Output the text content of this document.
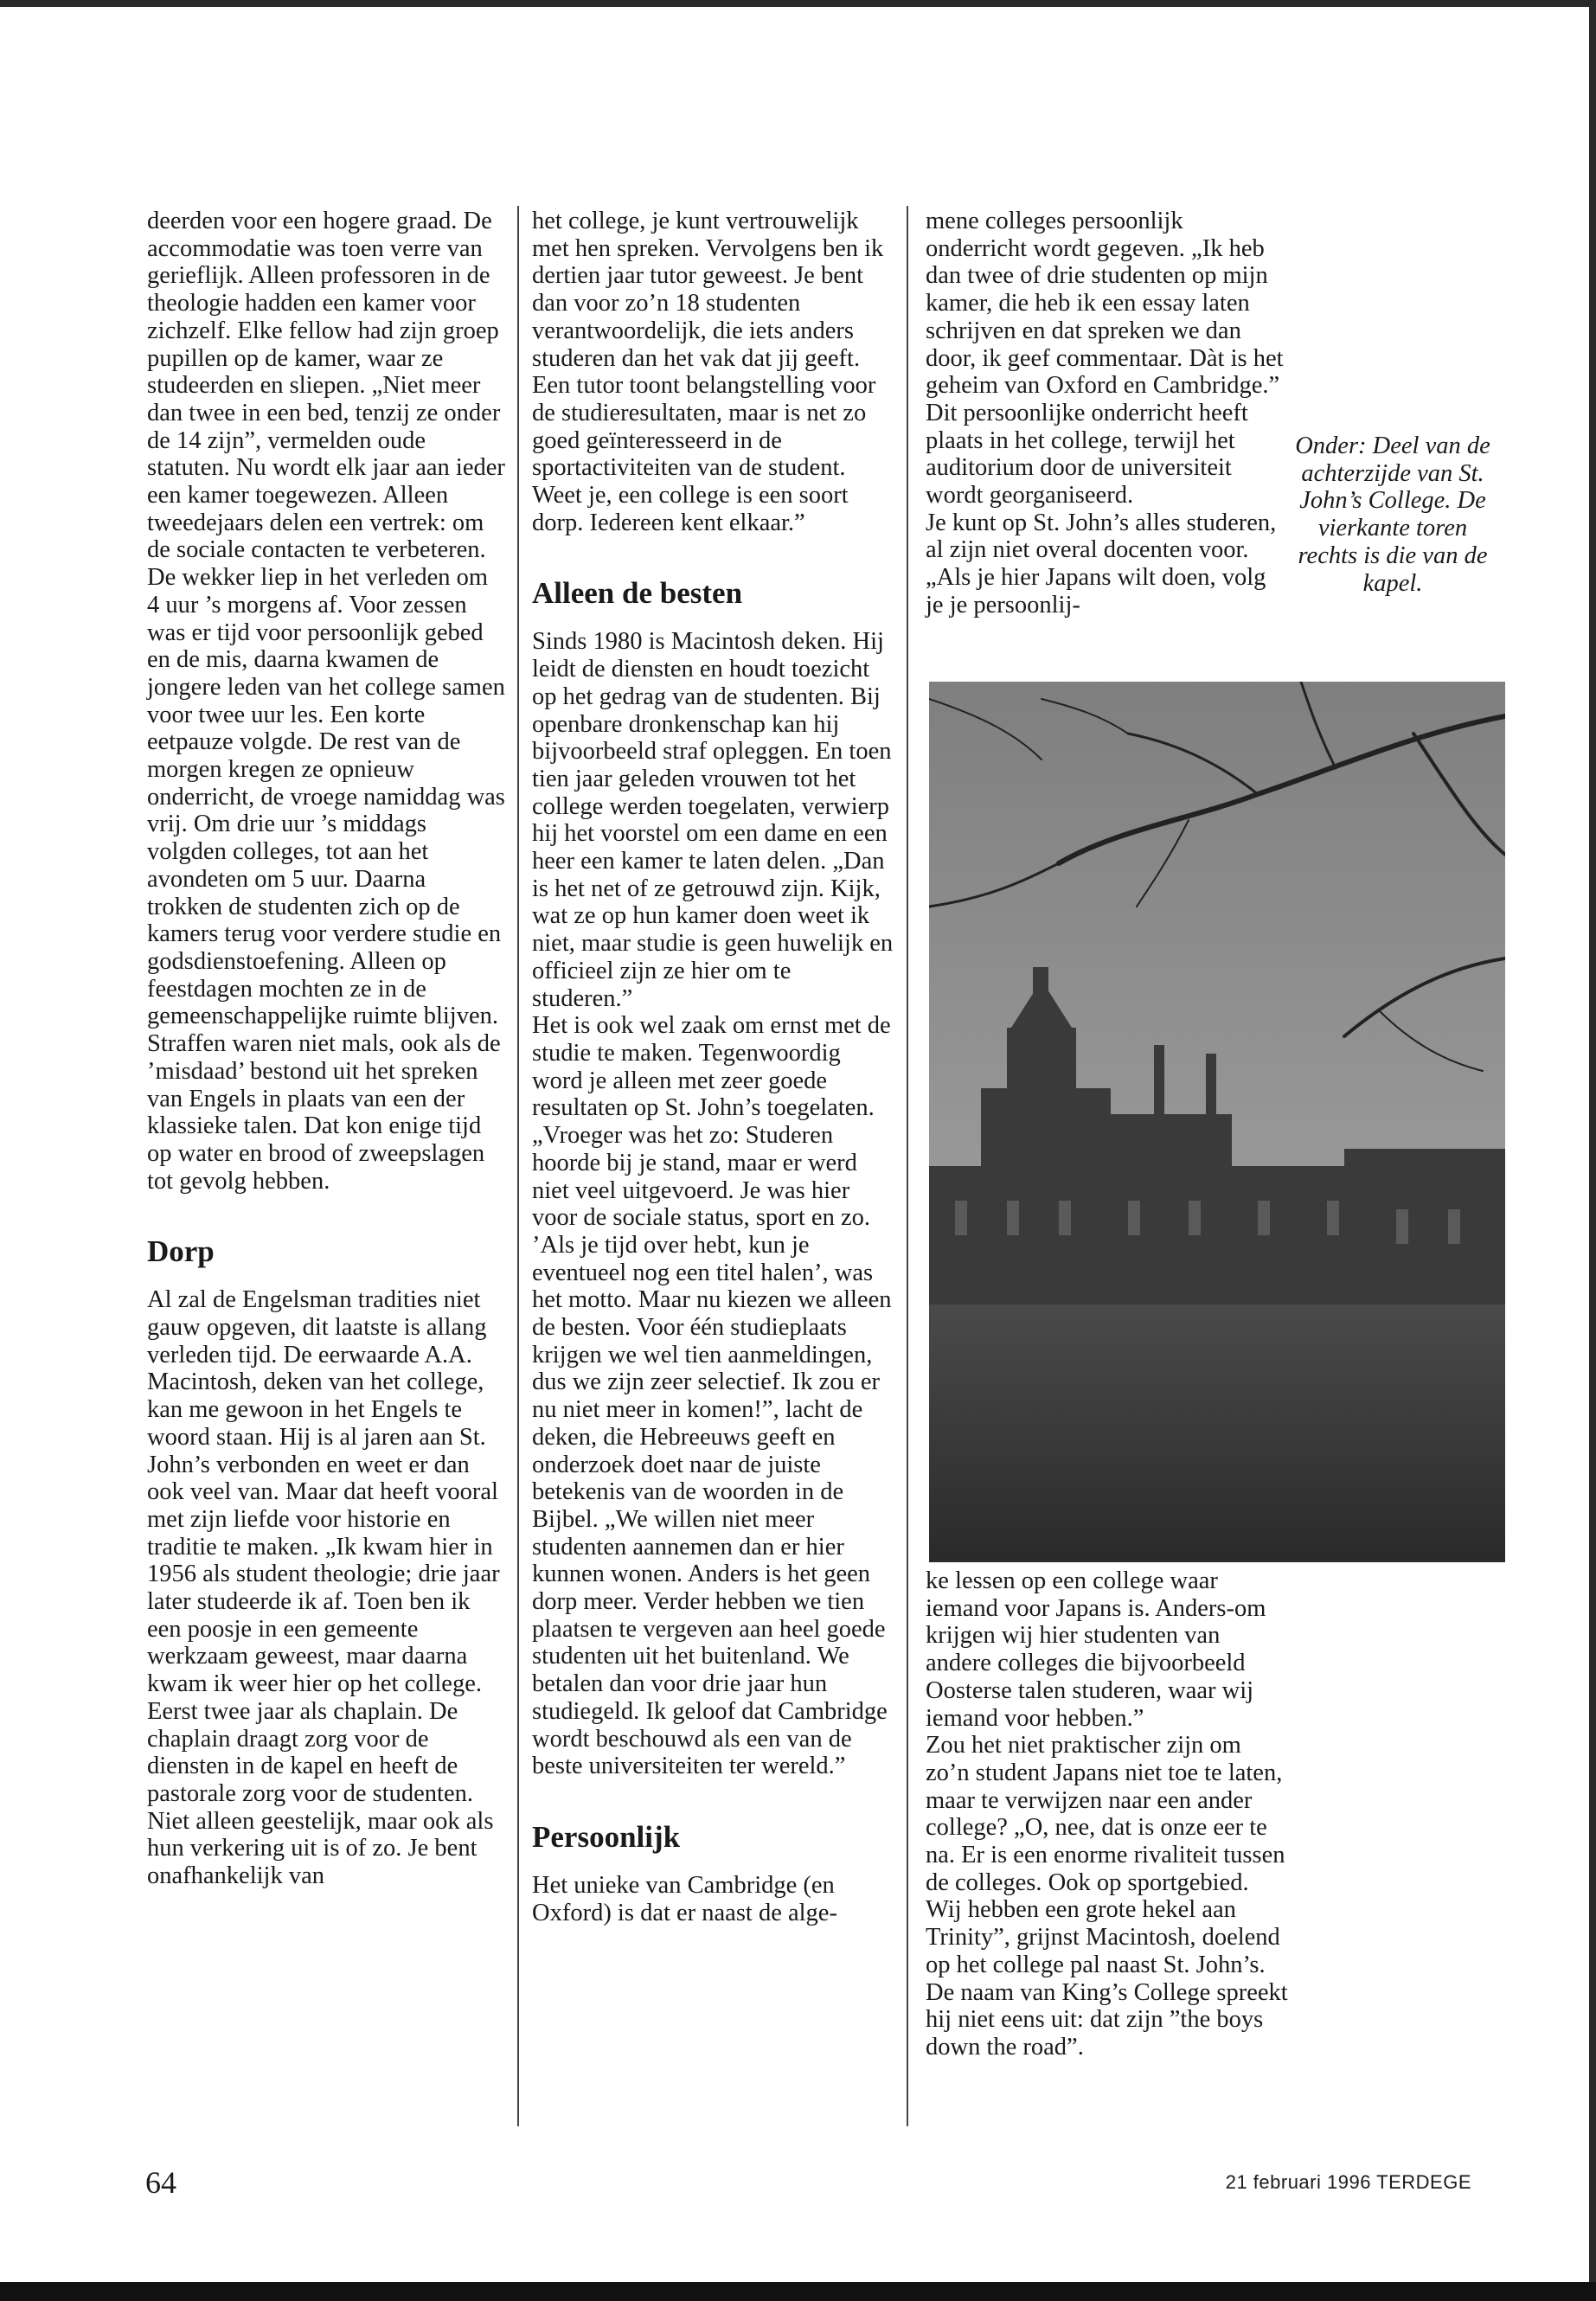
deerden voor een hogere graad. De accommodatie was toen verre van gerieflijk. Alleen professoren in de theologie hadden een kamer voor zichzelf. Elke fellow had zijn groep pupillen op de kamer, waar ze studeerden en sliepen. „Niet meer dan twee in een bed, tenzij ze onder de 14 zijn”, vermelden oude statuten. Nu wordt elk jaar aan ieder een kamer toegewezen. Alleen tweedejaars delen een vertrek: om de sociale contacten te verbeteren.

De wekker liep in het verleden om 4 uur ’s morgens af. Voor zessen was er tijd voor persoonlijk gebed en de mis, daarna kwamen de jongere leden van het college samen voor twee uur les. Een korte eetpauze volgde. De rest van de morgen kregen ze opnieuw onderricht, de vroege namiddag was vrij. Om drie uur ’s middags volgden colleges, tot aan het avondeten om 5 uur. Daarna trokken de studenten zich op de kamers terug voor verdere studie en godsdienstoefening. Alleen op feestdagen mochten ze in de gemeenschappelijke ruimte blijven.

Straffen waren niet mals, ook als de ’misdaad’ bestond uit het spreken van Engels in plaats van een der klassieke talen. Dat kon enige tijd op water en brood of zweepslagen tot gevolg hebben.

Dorp

Al zal de Engelsman tradities niet gauw opgeven, dit laatste is allang verleden tijd. De eerwaarde A.A. Macintosh, deken van het college, kan me gewoon in het Engels te woord staan. Hij is al jaren aan St. John’s verbonden en weet er dan ook veel van. Maar dat heeft vooral met zijn liefde voor historie en traditie te maken. „Ik kwam hier in 1956 als student theologie; drie jaar later studeerde ik af. Toen ben ik een poosje in een gemeente werkzaam geweest, maar daarna kwam ik weer hier op het college. Eerst twee jaar als chaplain. De chaplain draagt zorg voor de diensten in de kapel en heeft de pastorale zorg voor de studenten. Niet alleen geestelijk, maar ook als hun verkering uit is of zo. Je bent onafhankelijk van

het college, je kunt vertrouwelijk met hen spreken. Vervolgens ben ik dertien jaar tutor geweest. Je bent dan voor zo’n 18 studenten verantwoordelijk, die iets anders studeren dan het vak dat jij geeft. Een tutor toont belangstelling voor de studieresultaten, maar is net zo goed geïnteresseerd in de sportactiviteiten van de student. Weet je, een college is een soort dorp. Iedereen kent elkaar.”

Alleen de besten

Sinds 1980 is Macintosh deken. Hij leidt de diensten en houdt toezicht op het gedrag van de studenten. Bij openbare dronkenschap kan hij bijvoorbeeld straf opleggen. En toen tien jaar geleden vrouwen tot het college werden toegelaten, verwierp hij het voorstel om een dame en een heer een kamer te laten delen. „Dan is het net of ze getrouwd zijn. Kijk, wat ze op hun kamer doen weet ik niet, maar studie is geen huwelijk en officieel zijn ze hier om te studeren.”

Het is ook wel zaak om ernst met de studie te maken. Tegenwoordig word je alleen met zeer goede resultaten op St. John’s toegelaten. „Vroeger was het zo: Studeren hoorde bij je stand, maar er werd niet veel uitgevoerd. Je was hier voor de sociale status, sport en zo. ’Als je tijd over hebt, kun je eventueel nog een titel halen’, was het motto. Maar nu kiezen we alleen de besten. Voor één studieplaats krijgen we wel tien aanmeldingen, dus we zijn zeer selectief. Ik zou er nu niet meer in komen!”, lacht de deken, die Hebreeuws geeft en onderzoek doet naar de juiste betekenis van de woorden in de Bijbel. „We willen niet meer studenten aannemen dan er hier kunnen wonen. Anders is het geen dorp meer. Verder hebben we tien plaatsen te vergeven aan heel goede studenten uit het buitenland. We betalen dan voor drie jaar hun studiegeld. Ik geloof dat Cambridge wordt beschouwd als een van de beste universiteiten ter wereld.”

Persoonlijk

Het unieke van Cambridge (en Oxford) is dat er naast de alge-

mene colleges persoonlijk onderricht wordt gegeven. „Ik heb dan twee of drie studenten op mijn kamer, die heb ik een essay laten schrijven en dat spreken we dan door, ik geef commentaar. Dàt is het geheim van Oxford en Cambridge.”

Dit persoonlijke onderricht heeft plaats in het college, terwijl het auditorium door de universiteit wordt georganiseerd.

Je kunt op St. John’s alles studeren, al zijn niet overal docenten voor. „Als je hier Japans wilt doen, volg je je persoonlij-

Onder: Deel van de achterzijde van St. John’s College. De vierkante toren rechts is die van de kapel.

ke lessen op een college waar iemand voor Japans is. Anders-om krijgen wij hier studenten van andere colleges die bijvoorbeeld Oosterse talen studeren, waar wij iemand voor hebben.”

Zou het niet praktischer zijn om zo’n student Japans niet toe te laten, maar te verwijzen naar een ander college? „O, nee, dat is onze eer te na. Er is een enorme rivaliteit tussen de colleges. Ook op sportgebied. Wij hebben een grote hekel aan Trinity”, grijnst Macintosh, doelend op het college pal naast St. John’s. De naam van King’s College spreekt hij niet eens uit: dat zijn ”the boys down the road”.

64	21 februari 1996 TERDEGE
